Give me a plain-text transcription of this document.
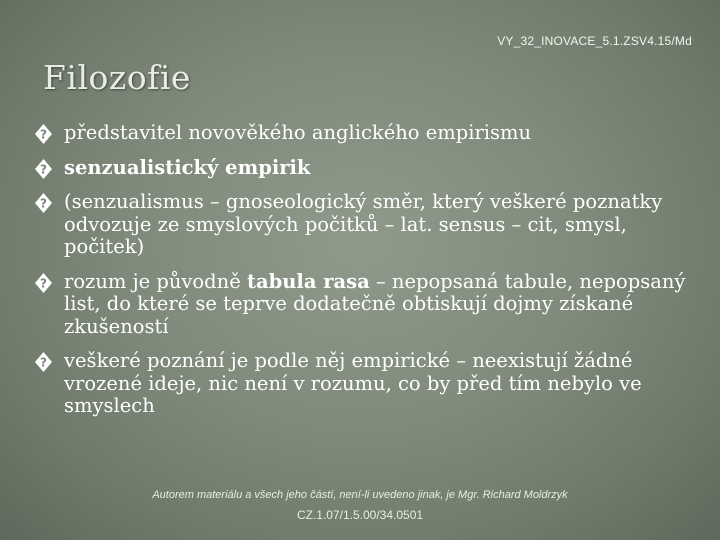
VY_32_INOVACE_5.1.ZSV4.15/Md
Filozofie
? představitel novověkého anglického empirismu
? senzualistický empirik
? (senzualismus – gnoseologický směr, který veškeré poznatky odvozuje ze smyslových počitků – lat. sensus – cit, smysl, počitek)
? rozum je původně tabula rasa – nepopsaná tabule, nepopsaný list, do které se teprve dodatečně obtiskují dojmy získané zkušeností
? veškeré poznání je podle něj empirické – neexistují žádné vrozené ideje, nic není v rozumu, co by před tím nebylo ve smyslech
Autorem materiálu a všech jeho částí, není-li uvedeno jinak, je Mgr. Richard Moldrzyk
CZ.1.07/1.5.00/34.0501
